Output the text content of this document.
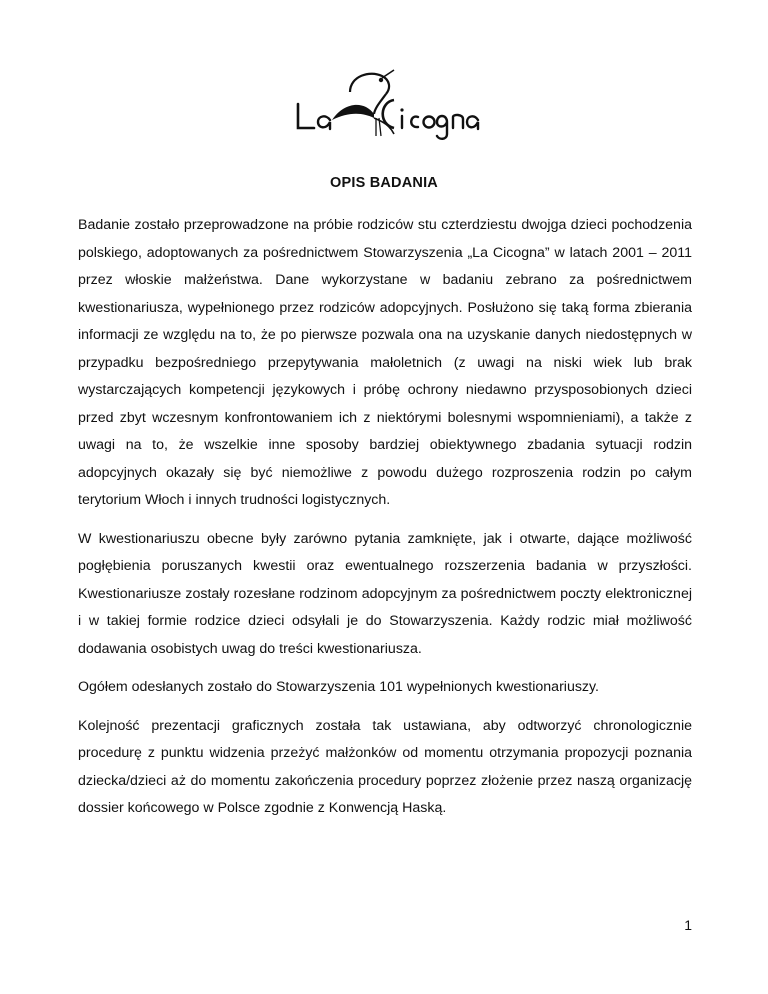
OPIS BADANIA

Badanie zostało przeprowadzone na próbie rodziców stu czterdziestu dwojga dzieci pochodzenia polskiego, adoptowanych za pośrednictwem Stowarzyszenia „La Cicogna” w latach 2001 – 2011 przez włoskie małżeństwa. Dane wykorzystane w badaniu zebrano za pośrednictwem kwestionariusza, wypełnionego przez rodziców adopcyjnych. Posłużono się taką forma zbierania informacji ze względu na to, że po pierwsze pozwala ona na uzyskanie danych niedostępnych w przypadku bezpośredniego przepytywania małoletnich (z uwagi na niski wiek lub brak wystarczających kompetencji językowych i próbę ochrony niedawno przysposobionych dzieci przed zbyt wczesnym konfrontowaniem ich z niektórymi bolesnymi wspomnieniami), a także z uwagi na to, że wszelkie inne sposoby bardziej obiektywnego zbadania sytuacji rodzin adopcyjnych okazały się być niemożliwe z powodu dużego rozproszenia rodzin po całym terytorium Włoch i innych trudności logistycznych.

W kwestionariuszu obecne były zarówno pytania zamknięte, jak i otwarte, dające możliwość pogłębienia poruszanych kwestii oraz ewentualnego rozszerzenia badania w przyszłości. Kwestionariusze zostały rozesłane rodzinom adopcyjnym za pośrednictwem poczty elektronicznej i w takiej formie rodzice dzieci odsyłali je do Stowarzyszenia. Każdy rodzic miał możliwość dodawania osobistych uwag do treści kwestionariusza.

Ogółem odesłanych zostało do Stowarzyszenia 101 wypełnionych kwestionariuszy.

Kolejność prezentacji graficznych została tak ustawiana, aby odtworzyć chronologicznie procedurę z punktu widzenia przeżyć małżonków od momentu otrzymania propozycji poznania dziecka/dzieci aż do momentu zakończenia procedury poprzez złożenie przez naszą organizację dossier końcowego w Polsce zgodnie z Konwencją Haską.

1
